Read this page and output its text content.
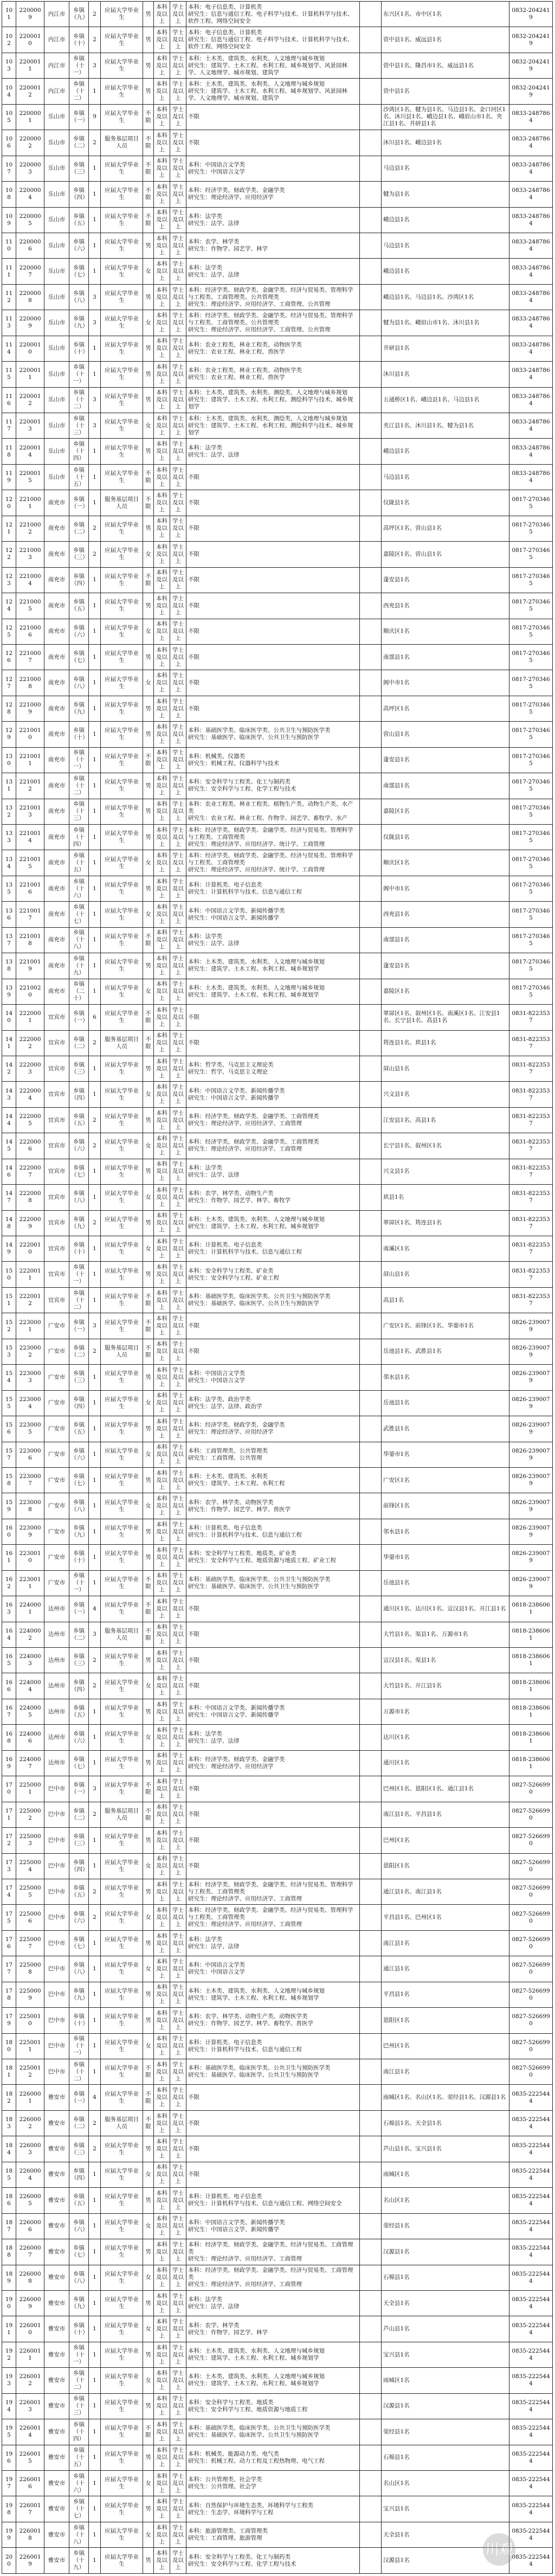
101	2200009	内江市	乡镇
（九）	2	应届大学毕业生	男	本科及以上	学士及以上	本科：电子信息类、计算机类
研究生：信息与通信工程、电子科学与技术、计算机科学与技术、软件工程、网络空间安全		东兴区1名、市中区1名	0832-2042419
102	2200010	内江市	乡镇
（十）	2	应届大学毕业生	男	本科及以上	学士及以上	本科：电子信息类、计算机类
研究生：信息与通信工程、电子科学与技术、计算机科学与技术、软件工程、网络空间安全		资中县1名、威远县1名	0832-2042419
103	2200011	内江市	乡镇
（十一）	3	应届大学毕业生	男	本科及以上	学士及以上	本科：土木类、建筑类、水利类、人文地理与城乡规划
研究生：建筑学、土木工程、水利工程、城乡规划学、风景园林学、人文地理学、城市规划、建筑学		资中县1名、隆昌市1名、威远县1名	0832-2042419
104	2200012	内江市	乡镇
（十二）	1	应届大学毕业生	男	本科及以上	学士及以上	本科：土木类、建筑类、水利类、人文地理与城乡规划
研究生：建筑学、土木工程、水利工程、城乡规划学、风景园林学、人文地理学、城市规划、建筑学		资中县1名	0832-2042419
105	2200001	乐山市	乡镇
（一）	9	应届大学毕业生	不限	本科及以上	学士及以上	不限		沙湾区1名、犍为县1名、马边县1名、金口河区1名、沐川县1名、峨边县1名、峨眉山市1名、夹江县1名、井研县1名	0833-2487864
106	2200002	乐山市	乡镇
（二）	2	服务基层项目人员	不限	本科及以上	学士及以上	不限		沐川县1名、峨边县1名	0833-2487864
107	2200003	乐山市	乡镇
（三）	1	应届大学毕业生	不限	本科及以上	学士及以上	本科：中国语言文学类
研究生：中国语言文学		马边县1名	0833-2487864
108	2200004	乐山市	乡镇
（四）	1	应届大学毕业生	不限	本科及以上	学士及以上	本科：经济学类、财政学类、金融学类
研究生：理论经济学、应用经济学		犍为县1名	0833-2487864
109	2200005	乐山市	乡镇
（五）	1	应届大学毕业生	不限	本科及以上	学士及以上	本科：法学类
研究生：法学、法律		峨边县1名	0833-2487864
110	2200006	乐山市	乡镇
（六）	1	应届大学毕业生	男	本科及以上	学士及以上	本科：农学、林学类
研究生：作物学、园艺学、林学		马边县1名	0833-2487864
111	2200007	乐山市	乡镇
（七）	1	应届大学毕业生	女	本科及以上	学士及以上	本科：法学类
研究生：法学、法律		峨边县1名	0833-2487864
112	2200008	乐山市	乡镇
（八）	3	应届大学毕业生	男	本科及以上	学士及以上	本科：经济学类、财政学类、金融学类、经济与贸易类、管理科学与工程类、工商管理类、公共管理类
研究生：理论经济学、应用经济学、工商管理、公共管理		峨边县1名、马边县1名、沙湾区1名	0833-2487864
113	2200009	乐山市	乡镇
（九）	3	应届大学毕业生	女	本科及以上	学士及以上	本科：经济学类、财政学类、金融学类、经济与贸易类、管理科学与工程类、工商管理类、公共管理类
研究生：理论经济学、应用经济学、工商管理、公共管理		犍为县1名、峨眉山市1名、沐川县1名	0833-2487864
114	2200010	乐山市	乡镇
（十）	1	应届大学毕业生	男	本科及以上	学士及以上	本科：农业工程类、林业工程类、动物医学类
研究生：农业工程、林业工程、兽医学		井研县1名	0833-2487864
115	2200011	乐山市	乡镇
（十一）	1	应届大学毕业生	男	本科及以上	学士及以上	本科：农业工程类、林业工程类、动物医学类
研究生：农业工程、林业工程、兽医学		沐川县1名	0833-2487864
116	2200012	乐山市	乡镇
（十二）	3	应届大学毕业生	男	本科及以上	学士及以上	本科：土木类、建筑类、水利类、测绘类、人文地理与城乡规划
研究生：建筑学、土木工程、水利工程、测绘科学与技术、城乡规划学		五通桥区1名、峨边县1名、马边县1名	0833-2487864
117	2200013	乐山市	乡镇
（十三）	3	应届大学毕业生	女	本科及以上	学士及以上	本科：土木类、建筑类、水利类、测绘类、人文地理与城乡规划
研究生：建筑学、土木工程、水利工程、测绘科学与技术、城乡规划学		夹江县1名、沐川县1名、犍为县1名	0833-2487864
118	2200014	乐山市	乡镇
（十四）	1	应届大学毕业生	男	本科及以上	学士及以上	本科：法学类
研究生：法学、法律		峨边县1名	0833-2487864
119	2200015	乐山市	乡镇
（十五）	1	应届大学毕业生	不限	本科及以上	学士及以上	不限		马边县1名	0833-2487864
120	2210001	南充市	乡镇
（一）	1	服务基层项目人员	不限	本科及以上	学士及以上	不限		仪陇县1名	0817-2703465
121	2210002	南充市	乡镇
（二）	2	应届大学毕业生	男	本科及以上	学士及以上	不限		高坪区1名、营山县1名	0817-2703465
122	2210003	南充市	乡镇
（三）	2	应届大学毕业生	女	本科及以上	学士及以上	不限		嘉陵区1名、营山县1名	0817-2703465
123	2210004	南充市	乡镇
（四）	1	应届大学毕业生	不限	本科及以上	学士及以上	不限		蓬安县1名	0817-2703465
124	2210005	南充市	乡镇
（五）	1	应届大学毕业生	男	本科及以上	学士及以上	不限		西充县1名	0817-2703465
125	2210006	南充市	乡镇
（六）	1	应届大学毕业生	女	本科及以上	学士及以上	不限		顺庆区1名	0817-2703465
126	2210007	南充市	乡镇
（七）	1	应届大学毕业生	男	本科及以上	学士及以上	不限		南部县1名	0817-2703465
127	2210008	南充市	乡镇
（八）	1	应届大学毕业生	女	本科及以上	学士及以上	不限		阆中市1名	0817-2703465
128	2210009	南充市	乡镇
（九）	1	应届大学毕业生	男	本科及以上	学士及以上	不限		高坪区1名	0817-2703465
129	2210010	南充市	乡镇
（十）	1	应届大学毕业生	男	本科及以上	学士及以上	本科：基础医学类、临床医学类、公共卫生与预防医学类
研究生：基础医学、临床医学、公共卫生与预防医学		营山县1名	0817-2703465
130	2210011	南充市	乡镇
（十一）	1	应届大学毕业生	不限	本科及以上	学士及以上	本科：机械类、仪器类
研究生：机械工程、仪器科学与技术		蓬安县1名	0817-2703465
131	2210012	南充市	乡镇
（十二）	1	应届大学毕业生	男	本科及以上	学士及以上	本科：安全科学与工程类、化工与制药类
研究生：安全科学与工程、化学工程与技术		南部县1名	0817-2703465
132	2210013	南充市	乡镇
（十三）	1	应届大学毕业生	男	本科及以上	学士及以上	本科：农业工程类、林业工程类、植物生产类、动物生产类、水产类
研究生：农业工程、林业工程、作物学、园艺学、畜牧学、水产		嘉陵区1名	0817-2703465
133	2210014	南充市	乡镇
（十四）	1	应届大学毕业生	男	本科及以上	学士及以上	本科：经济学类、财政学类、金融学类、经济与贸易类、管理科学与工程类、工商管理类
研究生：理论经济学、应用经济学、统计学、工商管理		仪陇县1名	0817-2703465
134	2210015	南充市	乡镇
（十五）	1	应届大学毕业生	女	本科及以上	学士及以上	本科：经济学类、财政学类、金融学类、经济与贸易类、管理科学与工程类、工商管理类
研究生：理论经济学、应用经济学、统计学、工商管理		顺庆区1名	0817-2703465
135	2210016	南充市	乡镇
（十六）	1	应届大学毕业生	男	本科及以上	学士及以上	本科：计算机类、电子信息类
研究生：计算机科学与技术、信息与通信工程		阆中市1名	0817-2703465
136	2210017	南充市	乡镇
（十七）	1	应届大学毕业生	女	本科及以上	学士及以上	本科：中国语言文学类、新闻传播学类
研究生：中国语言文学、新闻传播学		西充县1名	0817-2703465
137	2210018	南充市	乡镇
（十八）	1	应届大学毕业生	不限	本科及以上	学士及以上	本科：法学类
研究生：法学、法律		南部县1名	0817-2703465
138	2210019	南充市	乡镇
（十九）	1	应届大学毕业生	男	本科及以上	学士及以上	本科：土木类、建筑类、水利类、人文地理与城乡规划
研究生：建筑学、土木工程、水利工程、城乡规划学		蓬安县1名	0817-2703465
139	2210020	南充市	乡镇
（二十）	1	应届大学毕业生	女	本科及以上	学士及以上	本科：土木类、建筑类、水利类、人文地理与城乡规划
研究生：建筑学、土木工程、水利工程、城乡规划学		嘉陵区1名	0817-2703465
140	2220001	宜宾市	乡镇
（一）	6	应届大学毕业生	不限	本科及以上	学士及以上	不限		翠屏区1名、叙州区1名、南溪区1名、江安县1名、长宁县1名、高县1名	0831-8223537
141	2220002	宜宾市	乡镇
（二）	2	服务基层项目人员	不限	本科及以上	学士及以上	不限		筠连县1名、珙县1名	0831-8223537
142	2220003	宜宾市	乡镇
（三）	1	应届大学毕业生	男	本科及以上	学士及以上	本科：哲学类、马克思主义理论类
研究生：哲学、马克思主义理论		屏山县1名	0831-8223537
143	2220004	宜宾市	乡镇
（四）	1	应届大学毕业生	女	本科及以上	学士及以上	本科：中国语言文学类、新闻传播学类
研究生：中国语言文学、新闻传播学		兴文县1名	0831-8223537
144	2220005	宜宾市	乡镇
（五）	2	应届大学毕业生	男	本科及以上	学士及以上	本科：经济学类、财政学类、金融学类、工商管理类
研究生：理论经济学、应用经济学、工商管理		江安县1名、高县1名	0831-8223537
145	2220006	宜宾市	乡镇
（六）	2	应届大学毕业生	女	本科及以上	学士及以上	本科：经济学类、财政学类、金融学类、工商管理类
研究生：理论经济学、应用经济学、工商管理		长宁县1名、叙州区1名	0831-8223537
146	2220007	宜宾市	乡镇
（七）	1	应届大学毕业生	男	本科及以上	学士及以上	本科：法学类
研究生：法学、法律		兴文县1名	0831-8223537
147	2220008	宜宾市	乡镇
（八）	1	应届大学毕业生	女	本科及以上	学士及以上	本科：农学、林学类、动物生产类
研究生：作物学、园艺学、林学、畜牧学		珙县1名	0831-8223537
148	2220009	宜宾市	乡镇
（九）	2	应届大学毕业生	男	本科及以上	学士及以上	本科：土木类、建筑类、水利类、人文地理与城乡规划
研究生：建筑学、土木工程、水利工程、城乡规划学		翠屏区1名、筠连县1名	0831-8223537
149	2220010	宜宾市	乡镇
（十）	1	应届大学毕业生	女	本科及以上	学士及以上	本科：计算机类、电子信息类
研究生：计算机科学与技术、信息与通信工程		南溪区1名	0831-8223537
150	2220011	宜宾市	乡镇
（十一）	1	应届大学毕业生	男	本科及以上	学士及以上	本科：安全科学与工程类、矿业类
研究生：安全科学与工程、矿业工程		屏山县1名	0831-8223537
151	2220012	宜宾市	乡镇
（十二）	1	应届大学毕业生	不限	本科及以上	学士及以上	本科：基础医学类、临床医学类、公共卫生与预防医学类
研究生：基础医学、临床医学、公共卫生与预防医学		高县1名	0831-8223537
152	2230001	广安市	乡镇
（一）	3	应届大学毕业生	不限	本科及以上	学士及以上	不限		广安区1名、前锋区1名、华蓥市1名	0826-2390079
153	2230002	广安市	乡镇
（二）	2	服务基层项目人员	不限	本科及以上	学士及以上	不限		岳池县1名、武胜县1名	0826-2390079
154	2230003	广安市	乡镇
（三）	1	应届大学毕业生	男	本科及以上	学士及以上	本科：中国语言文学类
研究生：中国语言文学		邻水县1名	0826-2390079
155	2230004	广安市	乡镇
（四）	1	应届大学毕业生	女	本科及以上	学士及以上	本科：法学类、政治学类
研究生：法学、法律、政治学		岳池县1名	0826-2390079
156	2230005	广安市	乡镇
（五）	1	应届大学毕业生	男	本科及以上	学士及以上	本科：经济学类、财政学类、金融学类
研究生：理论经济学、应用经济学		武胜县1名	0826-2390079
157	2230006	广安市	乡镇
（六）	1	应届大学毕业生	女	本科及以上	学士及以上	本科：工商管理类、公共管理类
研究生：工商管理、公共管理		华蓥市1名	0826-2390079
158	2230007	广安市	乡镇
（七）	1	应届大学毕业生	男	本科及以上	学士及以上	本科：土木类、建筑类、水利类
研究生：建筑学、土木工程、水利工程		广安区1名	0826-2390079
159	2230008	广安市	乡镇
（八）	1	应届大学毕业生	女	本科及以上	学士及以上	本科：农学、林学类、动物医学类
研究生：作物学、园艺学、林学、兽医学		前锋区1名	0826-2390079
160	2230009	广安市	乡镇
（九）	1	应届大学毕业生	男	本科及以上	学士及以上	本科：计算机类、电子信息类
研究生：计算机科学与技术、信息与通信工程		邻水县1名	0826-2390079
161	2230010	广安市	乡镇
（十）	1	应届大学毕业生	男	本科及以上	学士及以上	本科：安全科学与工程类、地质类、矿业类
研究生：安全科学与工程、地质资源与地质工程、矿业工程		华蓥市1名	0826-2390079
162	2230011	广安市	乡镇
（十一）	1	应届大学毕业生	不限	本科及以上	学士及以上	本科：基础医学类、临床医学类、公共卫生与预防医学类
研究生：基础医学、临床医学、公共卫生与预防医学		岳池县1名	0826-2390079
163	2240001	达州市	乡镇
（一）	4	应届大学毕业生	不限	本科及以上	学士及以上	不限		通川区1名、达川区1名、宣汉县1名、开江县1名	0818-2386061
164	2240002	达州市	乡镇
（二）	3	服务基层项目人员	不限	本科及以上	学士及以上	不限		大竹县1名、渠县1名、万源市1名	0818-2386061
165	2240003	达州市	乡镇
（三）	2	应届大学毕业生	男	本科及以上	学士及以上	不限		宣汉县1名、渠县1名	0818-2386061
166	2240004	达州市	乡镇
（四）	2	应届大学毕业生	女	本科及以上	学士及以上	不限		大竹县1名、开江县1名	0818-2386061
167	2240005	达州市	乡镇
（五）	1	应届大学毕业生	男	本科及以上	学士及以上	本科：中国语言文学类、新闻传播学类
研究生：中国语言文学、新闻传播学		万源市1名	0818-2386061
168	2240006	达州市	乡镇
（六）	1	应届大学毕业生	女	本科及以上	学士及以上	本科：法学类
研究生：法学、法律		达川区1名	0818-2386061
169	2240007	达州市	乡镇
（七）	1	应届大学毕业生	男	本科及以上	学士及以上	本科：经济学类、财政学类、金融学类
研究生：理论经济学、应用经济学		通川区1名	0818-2386061
170	2250001	巴中市	乡镇
（一）	3	应届大学毕业生	不限	本科及以上	学士及以上	不限		巴州区1名、恩阳区1名、通江县1名	0827-5266990
171	2250002	巴中市	乡镇
（二）	2	服务基层项目人员	不限	本科及以上	学士及以上	不限		南江县1名、平昌县1名	0827-5266990
172	2250003	巴中市	乡镇
（三）	1	应届大学毕业生	男	本科及以上	学士及以上	不限		巴州区1名	0827-5266990
173	2250004	巴中市	乡镇
（四）	1	应届大学毕业生	女	本科及以上	学士及以上	不限		恩阳区1名	0827-5266990
174	2250005	巴中市	乡镇
（五）	2	应届大学毕业生	男	本科及以上	学士及以上	本科：经济学类、财政学类、金融学类、经济与贸易类、管理科学与工程类、工商管理类
研究生：理论经济学、应用经济学、工商管理		通江县1名、南江县1名	0827-5266990
175	2250006	巴中市	乡镇
（六）	2	应届大学毕业生	女	本科及以上	学士及以上	本科：经济学类、财政学类、金融学类、经济与贸易类、管理科学与工程类、工商管理类
研究生：理论经济学、应用经济学、工商管理		平昌县1名、巴州区1名	0827-5266990
176	2250007	巴中市	乡镇
（七）	1	应届大学毕业生	男	本科及以上	学士及以上	本科：法学类
研究生：法学、法律		南江县1名	0827-5266990
177	2250008	巴中市	乡镇
（八）	1	应届大学毕业生	女	本科及以上	学士及以上	本科：中国语言文学类
研究生：中国语言文学		通江县1名	0827-5266990
178	2250009	巴中市	乡镇
（九）	1	应届大学毕业生	男	本科及以上	学士及以上	本科：土木类、建筑类、水利类、人文地理与城乡规划
研究生：建筑学、土木工程、水利工程、城乡规划学		平昌县1名	0827-5266990
179	2250010	巴中市	乡镇
（十）	1	应届大学毕业生	男	本科及以上	学士及以上	本科：农学、林学类、动物生产类、动物医学类
研究生：作物学、园艺学、林学、畜牧学、兽医学		恩阳区1名	0827-5266990
180	2250011	巴中市	乡镇
（十一）	1	应届大学毕业生	女	本科及以上	学士及以上	本科：计算机类、电子信息类
研究生：计算机科学与技术、信息与通信工程		巴州区1名	0827-5266990
181	2250012	巴中市	乡镇
（十二）	1	应届大学毕业生	不限	本科及以上	学士及以上	本科：基础医学类、临床医学类、公共卫生与预防医学类
研究生：基础医学、临床医学、公共卫生与预防医学		南江县1名	0827-5266990
182	2260001	雅安市	乡镇
（一）	4	应届大学毕业生	不限	本科及以上	学士及以上	不限		雨城区1名、名山区1名、荥经县1名、汉源县1名	0835-2225444
183	2260002	雅安市	乡镇
（二）	2	服务基层项目人员	不限	本科及以上	学士及以上	不限		石棉县1名、天全县1名	0835-2225444
184	2260003	雅安市	乡镇
（三）	2	应届大学毕业生	男	本科及以上	学士及以上	不限		芦山县1名、宝兴县1名	0835-2225444
185	2260004	雅安市	乡镇
（四）	1	应届大学毕业生	女	本科及以上	学士及以上	不限		雨城区1名	0835-2225444
186	2260005	雅安市	乡镇
（五）	1	应届大学毕业生	男	本科及以上	学士及以上	本科：计算机类、电子信息类
研究生：计算机科学与技术、信息与通信工程、网络空间安全		名山区1名	0835-2225444
187	2260006	雅安市	乡镇
（六）	1	应届大学毕业生	女	本科及以上	学士及以上	本科：中国语言文学类、新闻传播学类
研究生：中国语言文学、新闻传播学		荥经县1名	0835-2225444
188	2260007	雅安市	乡镇
（七）	1	应届大学毕业生	男	本科及以上	学士及以上	本科：经济学类、财政学类、金融学类、经济与贸易类、工商管理类
研究生：理论经济学、应用经济学、工商管理		汉源县1名	0835-2225444
189	2260008	雅安市	乡镇
（八）	1	应届大学毕业生	女	本科及以上	学士及以上	本科：经济学类、财政学类、金融学类、经济与贸易类、工商管理类
研究生：理论经济学、应用经济学、工商管理		石棉县1名	0835-2225444
190	2260009	雅安市	乡镇
（九）	1	应届大学毕业生	男	本科及以上	学士及以上	本科：法学类
研究生：法学、法律		天全县1名	0835-2225444
191	2260010	雅安市	乡镇
（十）	1	应届大学毕业生	女	本科及以上	学士及以上	本科：农学、林学类
研究生：作物学、园艺学、林学		芦山县1名	0835-2225444
192	2260011	雅安市	乡镇
（十一）	1	应届大学毕业生	男	本科及以上	学士及以上	本科：土木类、建筑类、水利类、人文地理与城乡规划
研究生：建筑学、土木工程、水利工程、城乡规划学		宝兴县1名	0835-2225444
193	2260012	雅安市	乡镇
（十二）	1	应届大学毕业生	女	本科及以上	学士及以上	本科：土木类、建筑类、水利类、人文地理与城乡规划
研究生：建筑学、土木工程、水利工程、城乡规划学		雨城区1名	0835-2225444
194	2260013	雅安市	乡镇
（十三）	1	应届大学毕业生	男	本科及以上	学士及以上	本科：安全科学与工程类、地质类
研究生：安全科学与工程、地质资源与地质工程		汉源县1名	0835-2225444
195	2260014	雅安市	乡镇
（十四）	1	应届大学毕业生	不限	本科及以上	学士及以上	本科：基础医学类、临床医学类、公共卫生与预防医学类
研究生：基础医学、临床医学、公共卫生与预防医学		荥经县1名	0835-2225444
196	2260015	雅安市	乡镇
（十五）	1	应届大学毕业生	男	本科及以上	学士及以上	本科：机械类、能源动力类、电气类
研究生：机械工程、动力工程及工程热物理、电气工程		石棉县1名	0835-2225444
197	2260016	雅安市	乡镇
（十六）	1	应届大学毕业生	女	本科及以上	学士及以上	本科：公共管理类、社会学类
研究生：公共管理、社会学		名山区1名	0835-2225444
198	2260017	雅安市	乡镇
（十七）	1	应届大学毕业生	男	本科及以上	学士及以上	本科：自然保护与环境生态类、环境科学与工程类
研究生：生态学、环境科学与工程		宝兴县1名	0835-2225444
199	2260018	雅安市	乡镇
（十八）	1	应届大学毕业生	女	本科及以上	学士及以上	本科：旅游管理类、工商管理类
研究生：工商管理、旅游管理		天全县1名	0835-2225444
200	2260019	雅安市	乡镇
（十九）	1	应届大学毕业生	男	本科及以上	学士及以上	本科：安全科学与工程类、化工与制药类
研究生：安全科学与工程、化学工程与技术		汉源县1名	0835-2225444
川观
